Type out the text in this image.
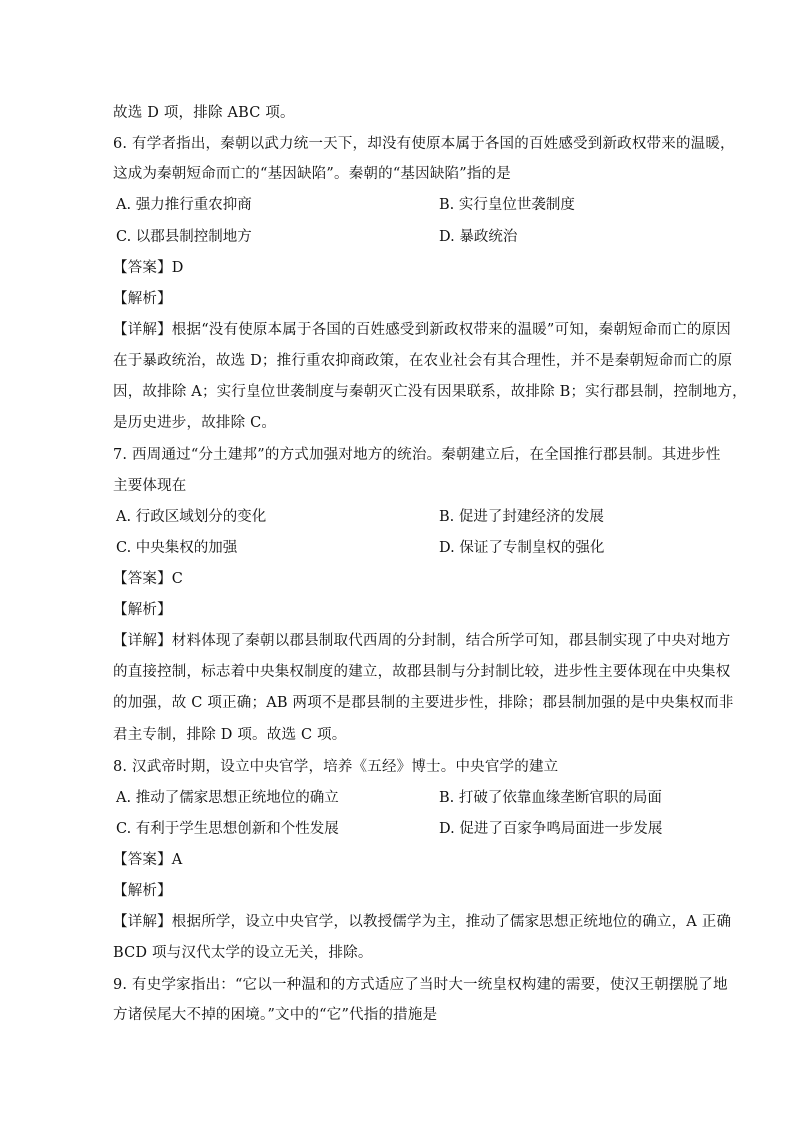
故选 D 项，排除 ABC 项。
6. 有学者指出，秦朝以武力统一天下，却没有使原本属于各国的百姓感受到新政权带来的温暖，
这成为秦朝短命而亡的“基因缺陷”。秦朝的“基因缺陷”指的是
A. 强力推行重农抑商	B. 实行皇位世袭制度
C. 以郡县制控制地方	D. 暴政统治
【答案】D
【解析】
【详解】根据“没有使原本属于各国的百姓感受到新政权带来的温暖”可知，秦朝短命而亡的原因
在于暴政统治，故选 D；推行重农抑商政策，在农业社会有其合理性，并不是秦朝短命而亡的原
因，故排除 A；实行皇位世袭制度与秦朝灭亡没有因果联系，故排除 B；实行郡县制，控制地方，
是历史进步，故排除 C。
7. 西周通过“分土建邦”的方式加强对地方的统治。秦朝建立后，在全国推行郡县制。其进步性
主要体现在
A. 行政区域划分的变化	B. 促进了封建经济的发展
C. 中央集权的加强	D. 保证了专制皇权的强化
【答案】C
【解析】
【详解】材料体现了秦朝以郡县制取代西周的分封制，结合所学可知，郡县制实现了中央对地方
的直接控制，标志着中央集权制度的建立，故郡县制与分封制比较，进步性主要体现在中央集权
的加强，故 C 项正确；AB 两项不是郡县制的主要进步性，排除；郡县制加强的是中央集权而非
君主专制，排除 D 项。故选 C 项。
8. 汉武帝时期，设立中央官学，培养《五经》博士。中央官学的建立
A. 推动了儒家思想正统地位的确立	B. 打破了依靠血缘垄断官职的局面
C. 有利于学生思想创新和个性发展	D. 促进了百家争鸣局面进一步发展
【答案】A
【解析】
【详解】根据所学，设立中央官学，以教授儒学为主，推动了儒家思想正统地位的确立，A 正确
BCD 项与汉代太学的设立无关，排除。
9. 有史学家指出：“它以一种温和的方式适应了当时大一统皇权构建的需要，使汉王朝摆脱了地
方诸侯尾大不掉的困境。”文中的“它”代指的措施是
